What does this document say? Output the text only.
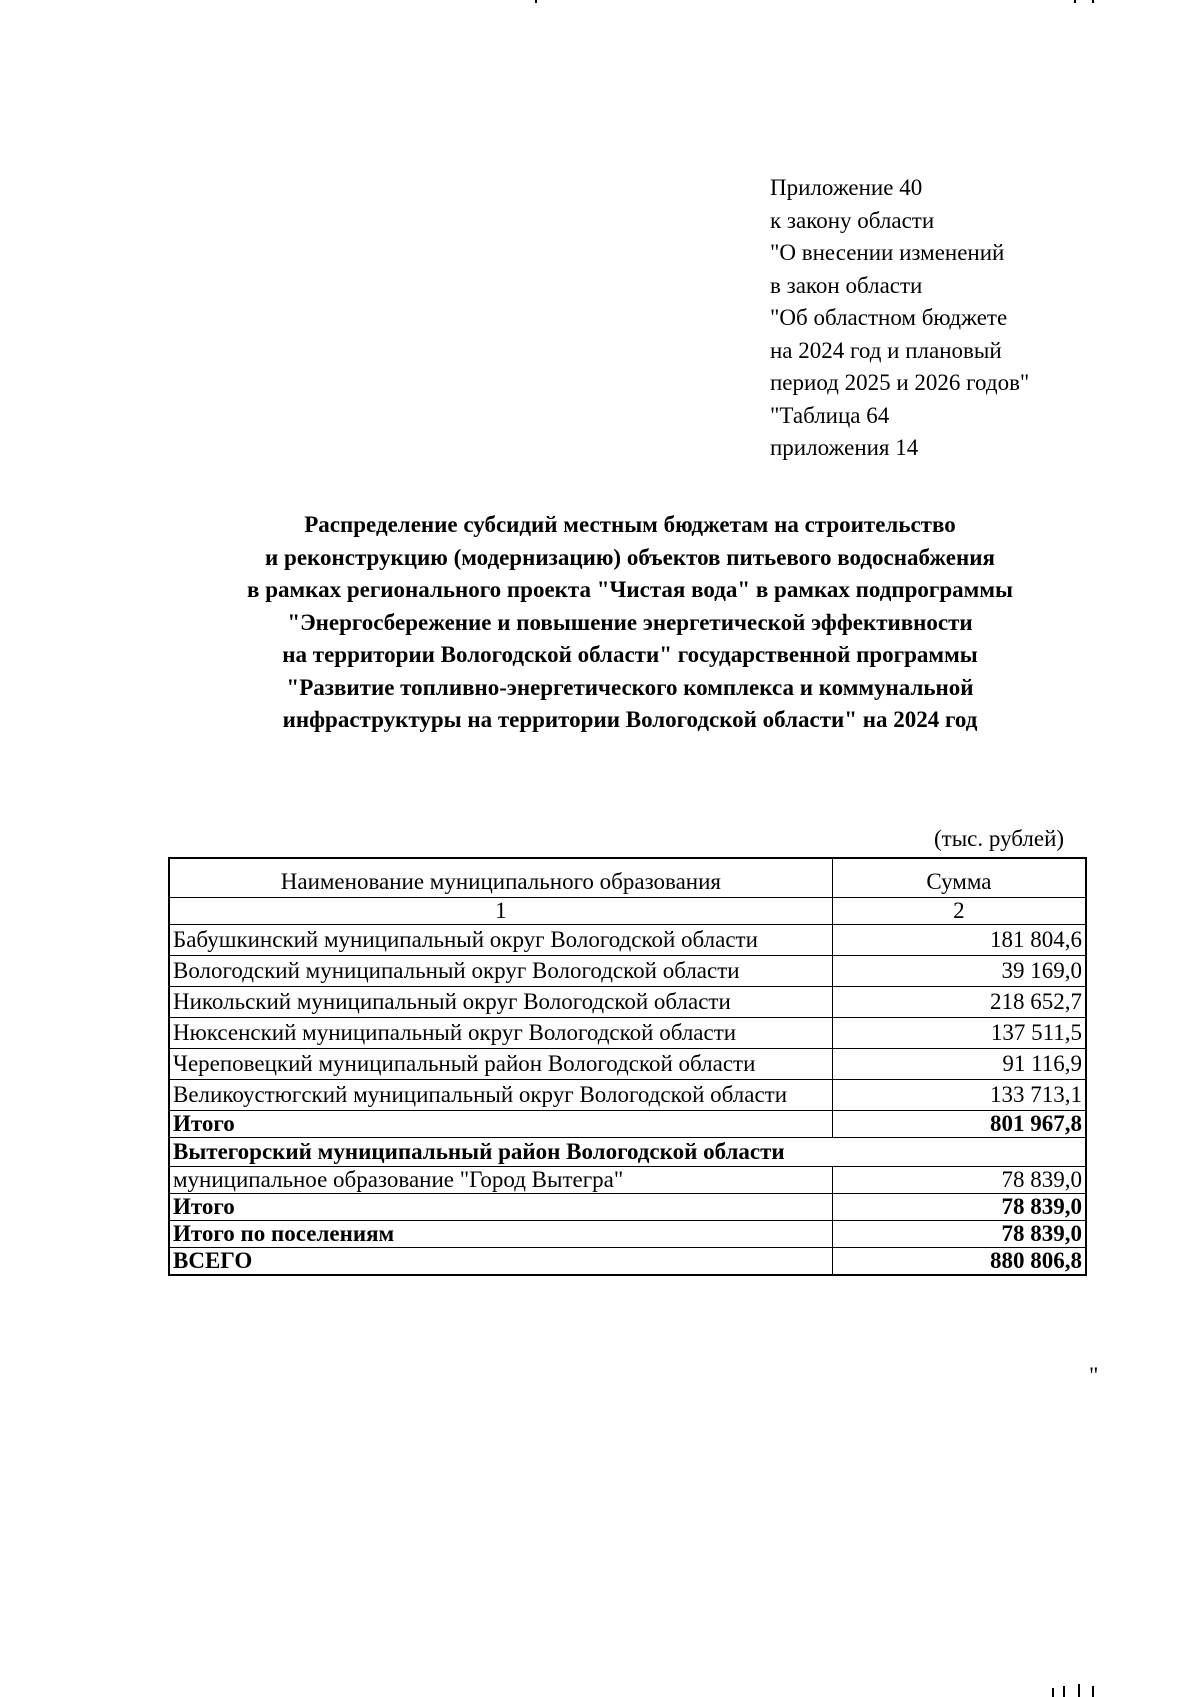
Приложение 40
к закону области
"О внесении изменений
в закон области
"Об областном бюджете
на 2024 год и плановый
период 2025 и 2026 годов"
"Таблица 64
приложения 14
Распределение субсидий местным бюджетам на строительство
и реконструкцию (модернизацию) объектов питьевого водоснабжения
в рамках регионального проекта "Чистая вода" в рамках подпрограммы
"Энергосбережение и повышение энергетической эффективности
на территории Вологодской области" государственной программы
"Развитие топливно-энергетического комплекса и коммунальной
инфраструктуры на территории Вологодской области" на 2024 год
(тыс. рублей)
Наименование муниципального образования	Сумма
1	2
Бабушкинский муниципальный округ Вологодской области	181 804,6
Вологодский муниципальный округ Вологодской области	39 169,0
Никольский муниципальный округ Вологодской области	218 652,7
Нюксенский муниципальный округ Вологодской области	137 511,5
Череповецкий муниципальный район Вологодской области	91 116,9
Великоустюгский муниципальный округ Вологодской области	133 713,1
Итого	801 967,8
Вытегорский муниципальный район Вологодской области	
муниципальное образование "Город Вытегра"	78 839,0
Итого	78 839,0
Итого по поселениям	78 839,0
ВСЕГО	880 806,8
"
